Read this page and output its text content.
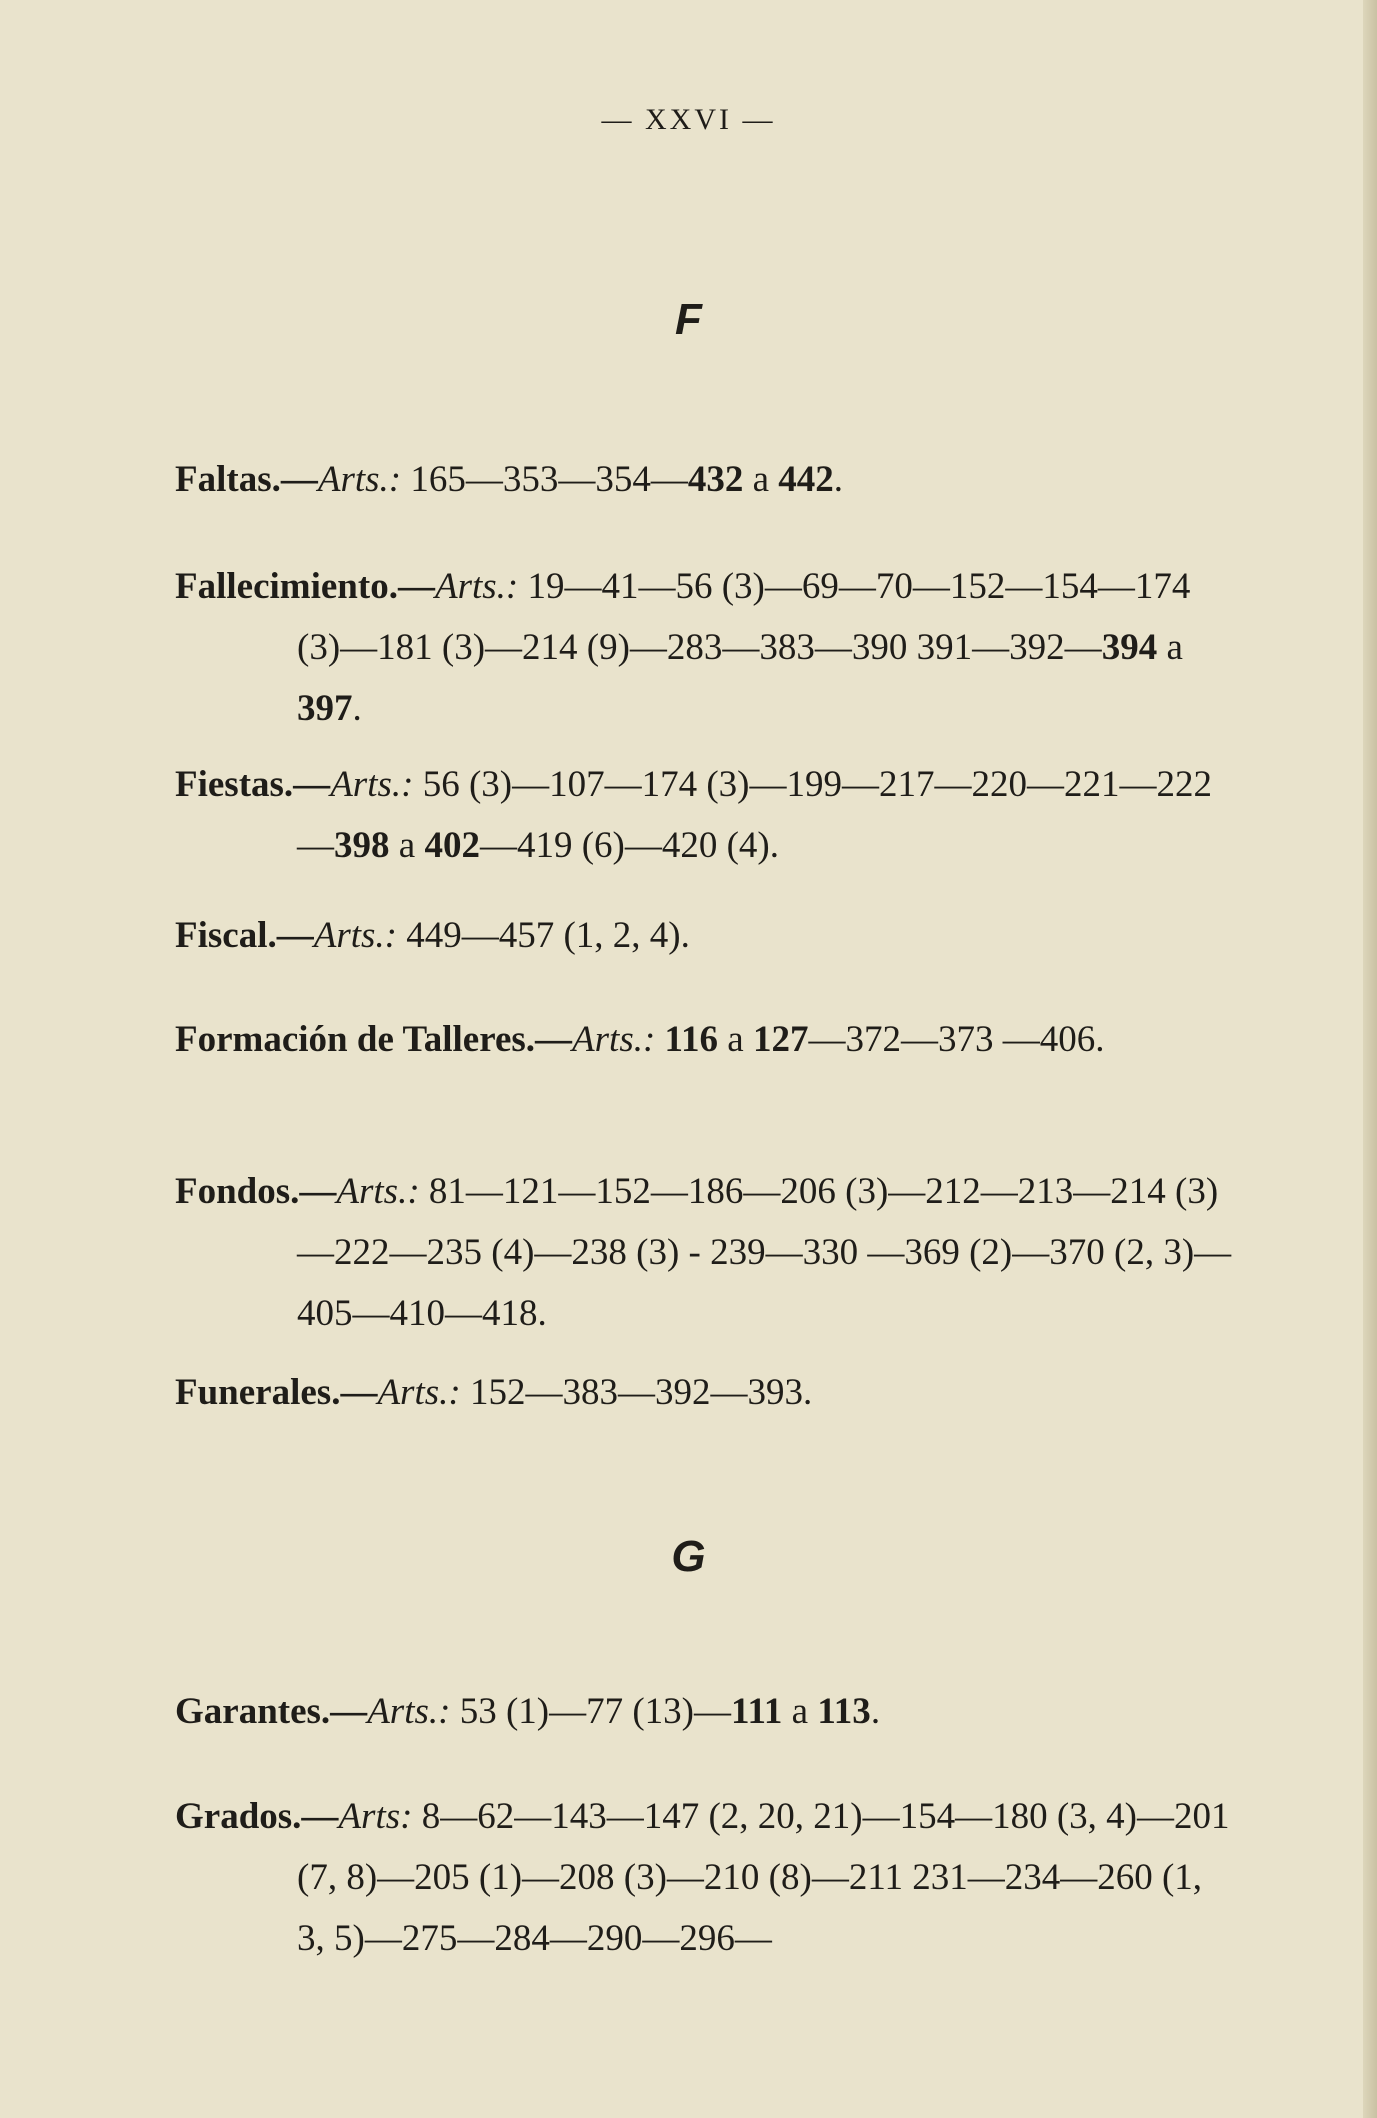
— XXVI —
F
Faltas.—Arts.: 165—353—354—432 a 442.
Fallecimiento.—Arts.: 19—41—56 (3)—69—70—152—154—174 (3)—181 (3)—214 (9)—283—383—390 391—392—394 a 397.
Fiestas.—Arts.: 56 (3)—107—174 (3)—199—217—220—221—222—398 a 402—419 (6)—420 (4).
Fiscal.—Arts.: 449—457 (1, 2, 4).
Formación de Talleres.—Arts.: 116 a 127—372—373 —406.
Fondos.—Arts.: 81—121—152—186—206 (3)—212—213—214 (3)—222—235 (4)—238 (3) - 239—330 —369 (2)—370 (2, 3)—405—410—418.
Funerales.—Arts.: 152—383—392—393.
G
Garantes.—Arts.: 53 (1)—77 (13)—111 a 113.
Grados.—Arts: 8—62—143—147 (2, 20, 21)—154—180 (3, 4)—201 (7, 8)—205 (1)—208 (3)—210 (8)—211 231—234—260 (1, 3, 5)—275—284—290—296—
